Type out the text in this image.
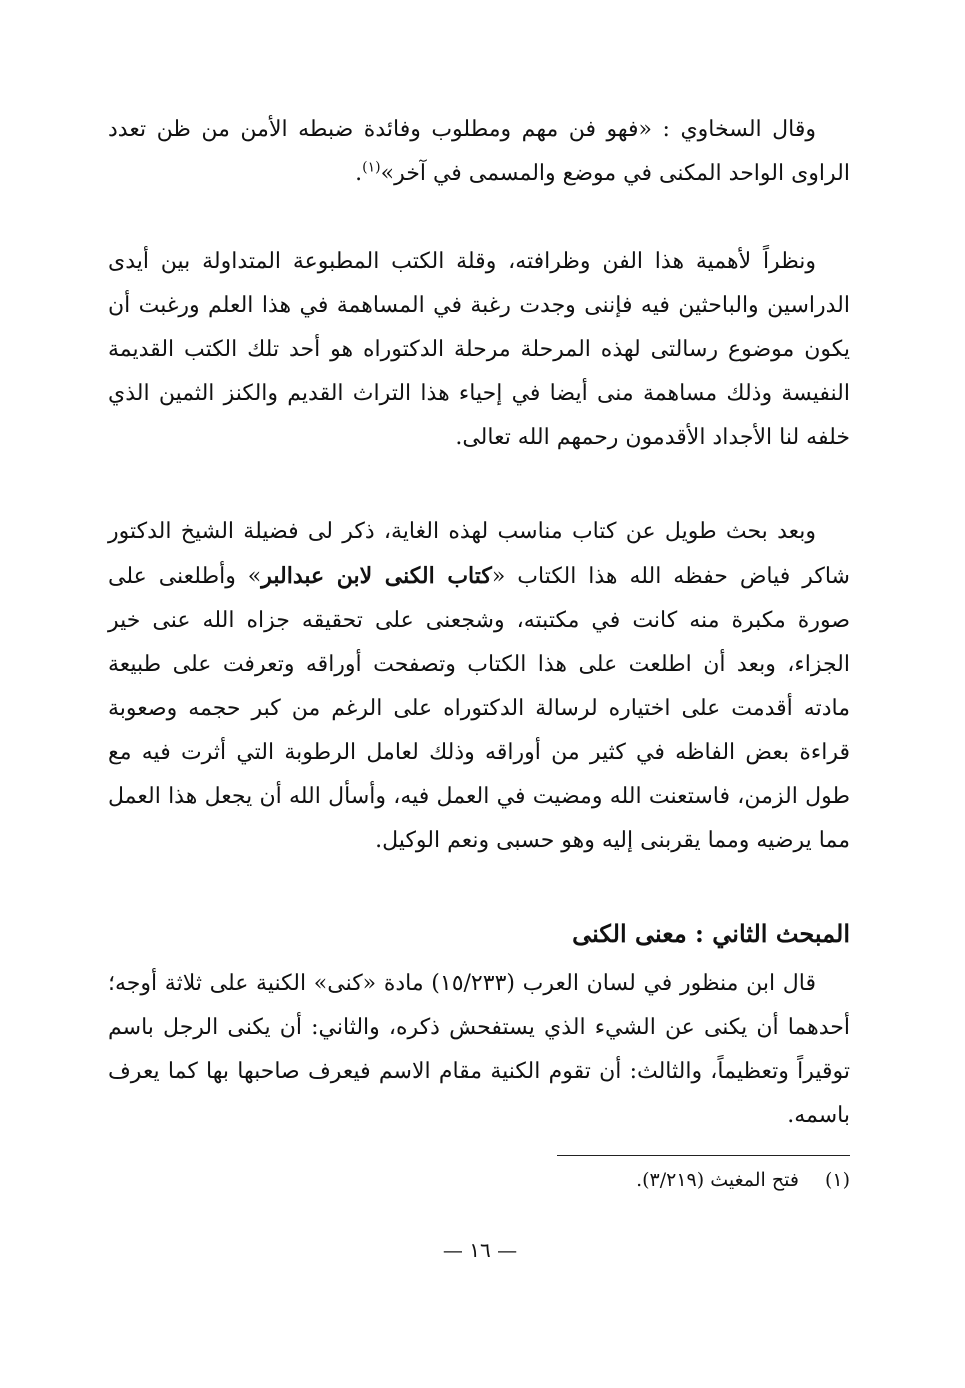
وقال السخاوي : «فهو فن مهم ومطلوب وفائدة ضبطه الأمن من ظن تعدد الراوى الواحد المكنى في موضع والمسمى في آخر»$^{(١)}$.
ونظراً لأهمية هذا الفن وظرافته، وقلة الكتب المطبوعة المتداولة بين أيدى الدراسين والباحثين فيه فإننى وجدت رغبة في المساهمة في هذا العلم ورغبت أن يكون موضوع رسالتى لهذه المرحلة مرحلة الدكتوراه هو أحد تلك الكتب القديمة النفيسة وذلك مساهمة منى أيضا في إحياء هذا التراث القديم والكنز الثمين الذي خلفه لنا الأجداد الأقدمون رحمهم الله تعالى.
وبعد بحث طويل عن كتاب مناسب لهذه الغاية، ذكر لى فضيلة الشيخ الدكتور شاكر فياض حفظه الله هذا الكتاب «كتاب الكنى لابن عبدالبر» وأطلعنى على صورة مكبرة منه كانت في مكتبته، وشجعنى على تحقيقه جزاه الله عنى خير الجزاء، وبعد أن اطلعت على هذا الكتاب وتصفحت أوراقه وتعرفت على طبيعة مادته أقدمت على اختياره لرسالة الدكتوراه على الرغم من كبر حجمه وصعوبة قراءة بعض الفاظه في كثير من أوراقه وذلك لعامل الرطوبة التي أثرت فيه مع طول الزمن، فاستعنت الله ومضيت في العمل فيه، وأسأل الله أن يجعل هذا العمل مما يرضيه ومما يقربنى إليه وهو حسبى ونعم الوكيل.
المبحث الثاني : معنى الكنى
قال ابن منظور في لسان العرب (١٥/٢٣٣) مادة «كنى» الكنية على ثلاثة أوجه؛ أحدهما أن يكنى عن الشيء الذي يستفحش ذكره، والثاني: أن يكنى الرجل باسم توقيراً وتعظيماً، والثالث: أن تقوم الكنية مقام الاسم فيعرف صاحبها بها كما يعرف باسمه.
(١)فتح المغيث (٣/٢١٩).
— ١٦ —
